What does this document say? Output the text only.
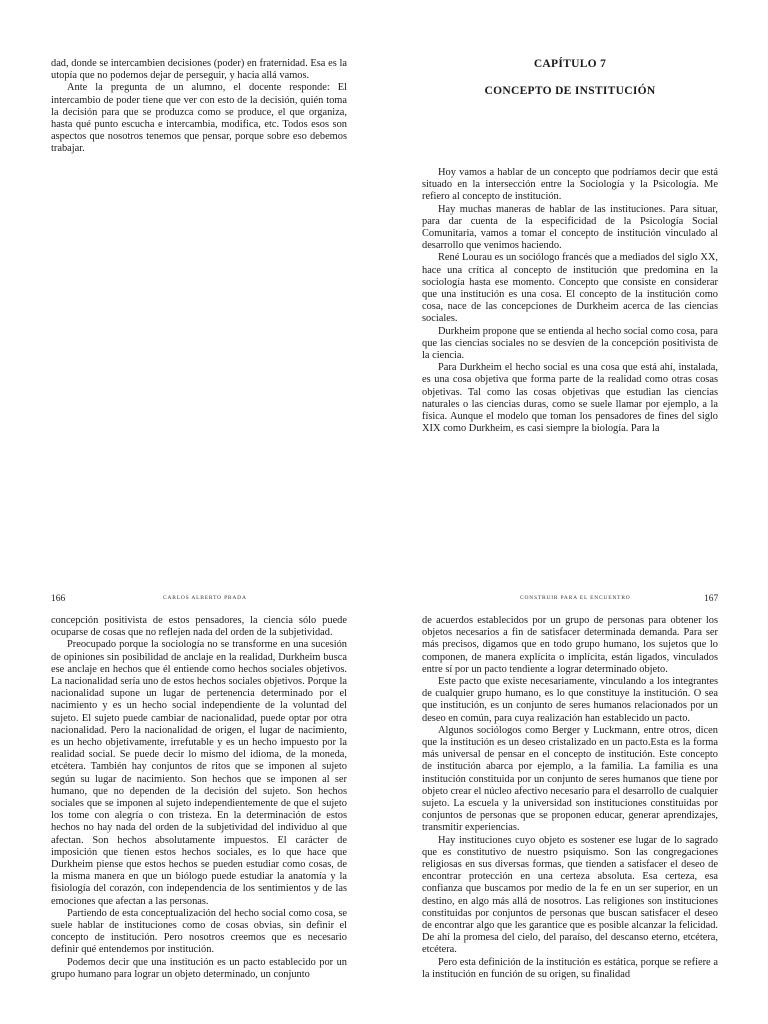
dad, donde se intercambien decisiones (poder) en fraternidad. Esa es la utopía que no podemos dejar de perseguir, y hacia allá vamos.

Ante la pregunta de un alumno, el docente responde: El intercambio de poder tiene que ver con esto de la decisión, quién toma la decisión para que se produzca como se produce, el que organiza, hasta qué punto escucha e intercambia, modifica, etc. Todos esos son aspectos que nosotros tenemos que pensar, porque sobre eso debemos trabajar.

CAPÍTULO 7
CONCEPTO DE INSTITUCIÓN

Hoy vamos a hablar de un concepto que podríamos decir que está situado en la intersección entre la Sociología y la Psicología. Me refiero al concepto de institución.

Hay muchas maneras de hablar de las instituciones. Para situar, para dar cuenta de la especificidad de la Psicología Social Comunitaria, vamos a tomar el concepto de institución vinculado al desarrollo que venimos haciendo.

René Lourau es un sociólogo francés que a mediados del siglo XX, hace una crítica al concepto de institución que predomina en la sociología hasta ese momento. Concepto que consiste en considerar que una institución es una cosa. El concepto de la institución como cosa, nace de las concepciones de Durkheim acerca de las ciencias sociales.

Durkheim propone que se entienda al hecho social como cosa, para que las ciencias sociales no se desvíen de la concepción positivista de la ciencia.

Para Durkheim el hecho social es una cosa que está ahí, instalada, es una cosa objetiva que forma parte de la realidad como otras cosas objetivas. Tal como las cosas objetivas que estudian las ciencias naturales o las ciencias duras, como se suele llamar por ejemplo, a la física. Aunque el modelo que toman los pensadores de fines del siglo XIX como Durkheim, es casi siempre la biología. Para la

166	CARLOS ALBERTO PRADA	CONSTRUIR PARA EL ENCUENTRO	167

concepción positivista de estos pensadores, la ciencia sólo puede ocuparse de cosas que no reflejen nada del orden de la subjetividad.

Preocupado porque la sociología no se transforme en una sucesión de opiniones sin posibilidad de anclaje en la realidad, Durkheim busca ese anclaje en hechos que él entiende como hechos sociales objetivos. La nacionalidad sería uno de estos hechos sociales objetivos. Porque la nacionalidad supone un lugar de pertenencia determinado por el nacimiento y es un hecho social independiente de la voluntad del sujeto. El sujeto puede cambiar de nacionalidad, puede optar por otra nacionalidad. Pero la nacionalidad de origen, el lugar de nacimiento, es un hecho objetivamente, irrefutable y es un hecho impuesto por la realidad social. Se puede decir lo mismo del idioma, de la moneda, etcétera. También hay conjuntos de ritos que se imponen al sujeto según su lugar de nacimiento. Son hechos que se imponen al ser humano, que no dependen de la decisión del sujeto. Son hechos sociales que se imponen al sujeto independientemente de que el sujeto los tome con alegría o con tristeza. En la determinación de estos hechos no hay nada del orden de la subjetividad del individuo al que afectan. Son hechos absolutamente impuestos. El carácter de imposición que tienen estos hechos sociales, es lo que hace que Durkheim piense que estos hechos se pueden estudiar como cosas, de la misma manera en que un biólogo puede estudiar la anatomía y la fisiología del corazón, con independencia de los sentimientos y de las emociones que afectan a las personas.

Partiendo de esta conceptualización del hecho social como cosa, se suele hablar de instituciones como de cosas obvias, sin definir el concepto de institución. Pero nosotros creemos que es necesario definir qué entendemos por institución.

Podemos decir que una institución es un pacto establecido por un grupo humano para lograr un objeto determinado, un conjunto

de acuerdos establecidos por un grupo de personas para obtener los objetos necesarios a fin de satisfacer determinada demanda. Para ser más precisos, digamos que en todo grupo humano, los sujetos que lo componen, de manera explícita o implícita, están ligados, vinculados entre sí por un pacto tendiente a lograr determinado objeto.

Este pacto que existe necesariamente, vinculando a los integrantes de cualquier grupo humano, es lo que constituye la institución. O sea que institución, es un conjunto de seres humanos relacionados por un deseo en común, para cuya realización han establecido un pacto.

Algunos sociólogos como Berger y Luckmann, entre otros, dicen que la institución es un deseo cristalizado en un pacto.Esta es la forma más universal de pensar en el concepto de institución. Este concepto de institución abarca por ejemplo, a la familia. La familia es una institución constituida por un conjunto de seres humanos que tiene por objeto crear el núcleo afectivo necesario para el desarrollo de cualquier sujeto. La escuela y la universidad son instituciones constituidas por conjuntos de personas que se proponen educar, generar aprendizajes, transmitir experiencias.

Hay instituciones cuyo objeto es sostener ese lugar de lo sagrado que es constitutivo de nuestro psiquismo. Son las congregaciones religiosas en sus diversas formas, que tienden a satisfacer el deseo de encontrar protección en una certeza absoluta. Esa certeza, esa confianza que buscamos por medio de la fe en un ser superior, en un destino, en algo más allá de nosotros. Las religiones son instituciones constituidas por conjuntos de personas que buscan satisfacer el deseo de encontrar algo que les garantice que es posible alcanzar la felicidad. De ahí la promesa del cielo, del paraíso, del descanso eterno, etcétera, etcétera.

Pero esta definición de la institución es estática, porque se refiere a la institución en función de su origen, su finalidad
